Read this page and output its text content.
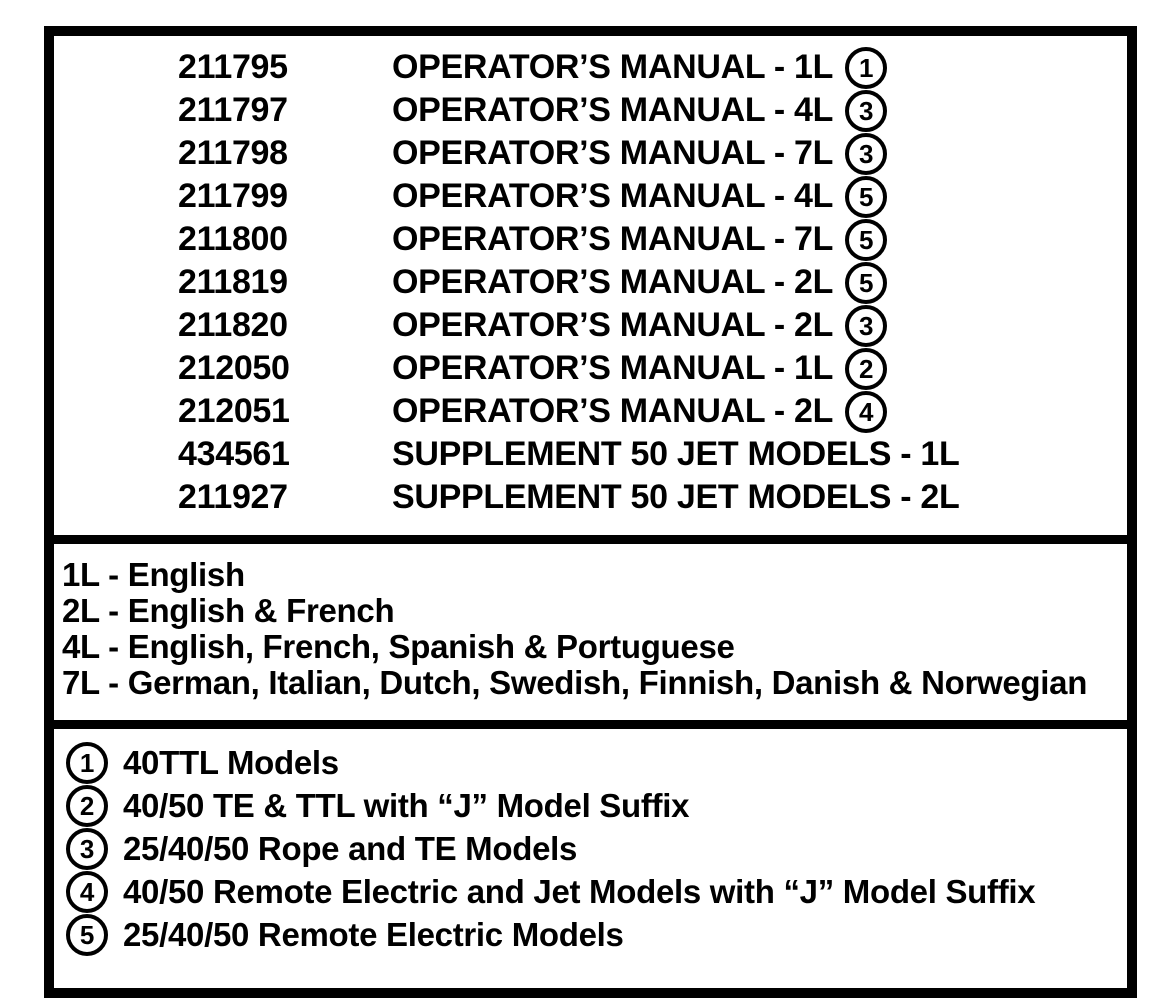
211795	OPERATOR’S MANUAL - 1L 1
211797	OPERATOR’S MANUAL - 4L 3
211798	OPERATOR’S MANUAL - 7L 3
211799	OPERATOR’S MANUAL - 4L 5
211800	OPERATOR’S MANUAL - 7L 5
211819	OPERATOR’S MANUAL - 2L 5
211820	OPERATOR’S MANUAL - 2L 3
212050	OPERATOR’S MANUAL - 1L 2
212051	OPERATOR’S MANUAL - 2L 4
434561	SUPPLEMENT 50 JET MODELS - 1L
211927	SUPPLEMENT 50 JET MODELS - 2L
1L - English
2L - English & French
4L - English, French, Spanish & Portuguese
7L - German, Italian, Dutch, Swedish, Finnish, Danish & Norwegian
1 40TTL Models
2 40/50 TE & TTL with “J” Model Suffix
3 25/40/50 Rope and TE Models
4 40/50 Remote Electric and Jet Models with “J” Model Suffix
5 25/40/50 Remote Electric Models
